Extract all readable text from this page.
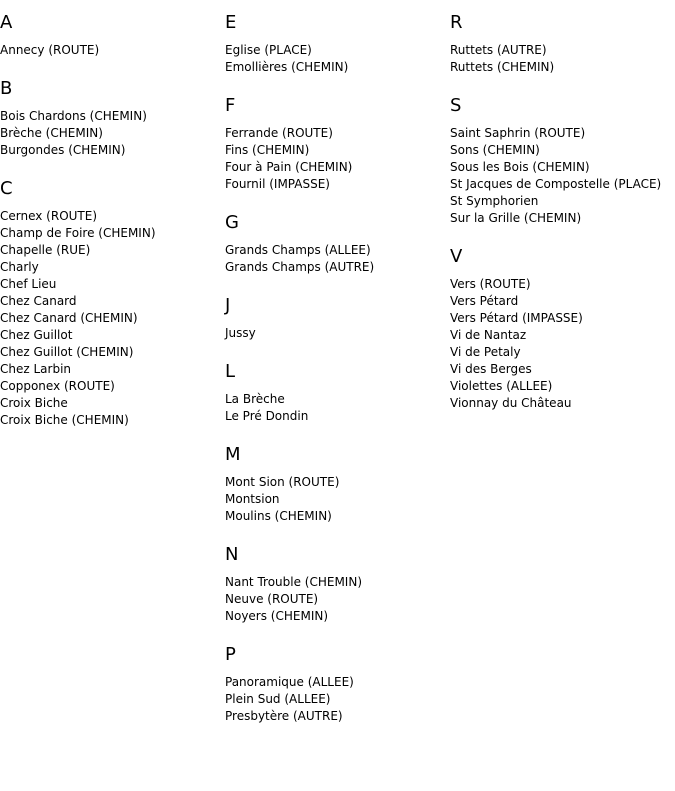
A
Annecy (ROUTE)
B
Bois Chardons (CHEMIN)
Brèche (CHEMIN)
Burgondes (CHEMIN)
C
Cernex (ROUTE)
Champ de Foire (CHEMIN)
Chapelle (RUE)
Charly
Chef Lieu
Chez Canard
Chez Canard (CHEMIN)
Chez Guillot
Chez Guillot (CHEMIN)
Chez Larbin
Copponex (ROUTE)
Croix Biche
Croix Biche (CHEMIN)
E
Eglise (PLACE)
Emollières (CHEMIN)
F
Ferrande (ROUTE)
Fins (CHEMIN)
Four à Pain (CHEMIN)
Fournil (IMPASSE)
G
Grands Champs (ALLEE)
Grands Champs (AUTRE)
J
Jussy
L
La Brèche
Le Pré Dondin
M
Mont Sion (ROUTE)
Montsion
Moulins (CHEMIN)
N
Nant Trouble (CHEMIN)
Neuve (ROUTE)
Noyers (CHEMIN)
P
Panoramique (ALLEE)
Plein Sud (ALLEE)
Presbytère (AUTRE)
R
Ruttets (AUTRE)
Ruttets (CHEMIN)
S
Saint Saphrin (ROUTE)
Sons (CHEMIN)
Sous les Bois (CHEMIN)
St Jacques de Compostelle (PLACE)
St Symphorien
Sur la Grille (CHEMIN)
V
Vers (ROUTE)
Vers Pétard
Vers Pétard (IMPASSE)
Vi de Nantaz
Vi de Petaly
Vi des Berges
Violettes (ALLEE)
Vionnay du Château
